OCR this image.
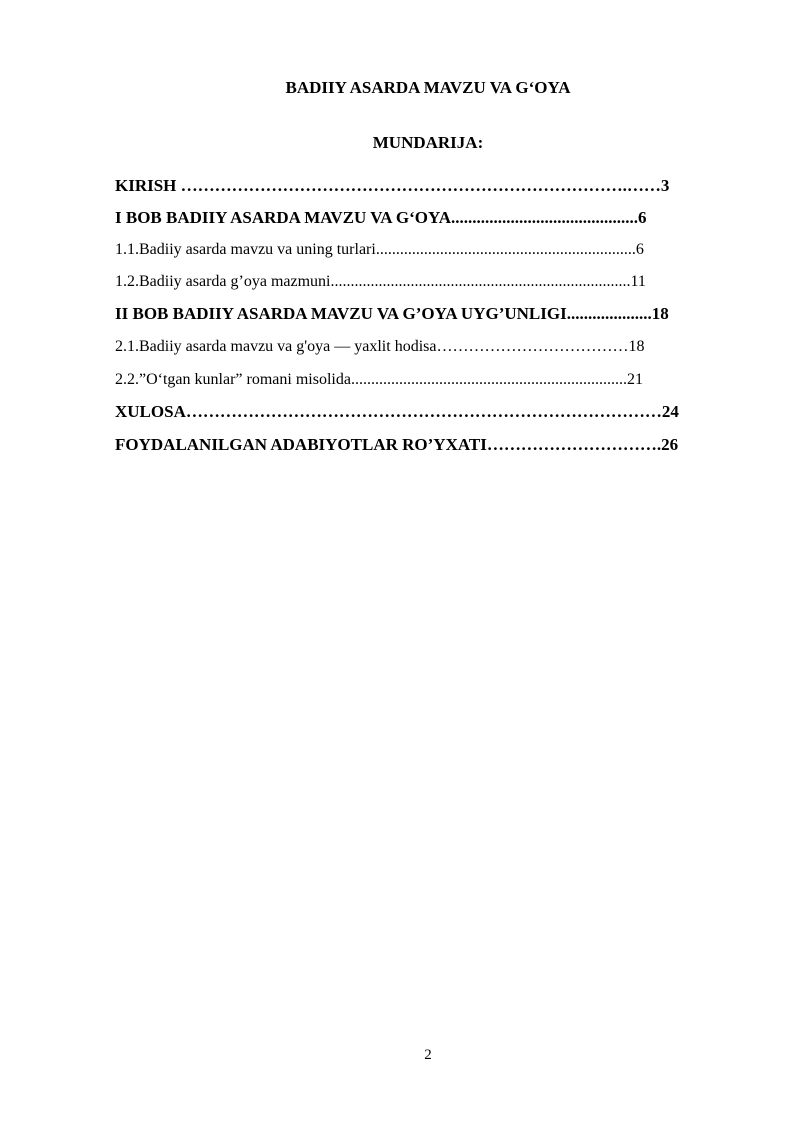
BADIIY ASARDA MAVZU VA G‘OYA
MUNDARIJA:
KIRISH …………………………………………………………………….……3
I BOB BADIIY ASARDA MAVZU VA G‘OYA............................................6
1.1.Badiiy asarda mavzu va uning turlari.................................................................6
1.2.Badiiy asarda g’oya mazmuni...........................................................................11
II BOB BADIIY ASARDA MAVZU VA G’OYA UYG’UNLIGI....................18
2.1.Badiiy asarda mavzu va g'oya — yaxlit hodisa………………………………18
2.2.”O‘tgan kunlar” romani misolida.....................................................................21
XULOSA…………………………………………………………………………24
FOYDALANILGAN ADABIYOTLAR RO’YXATI………………………….26
2
